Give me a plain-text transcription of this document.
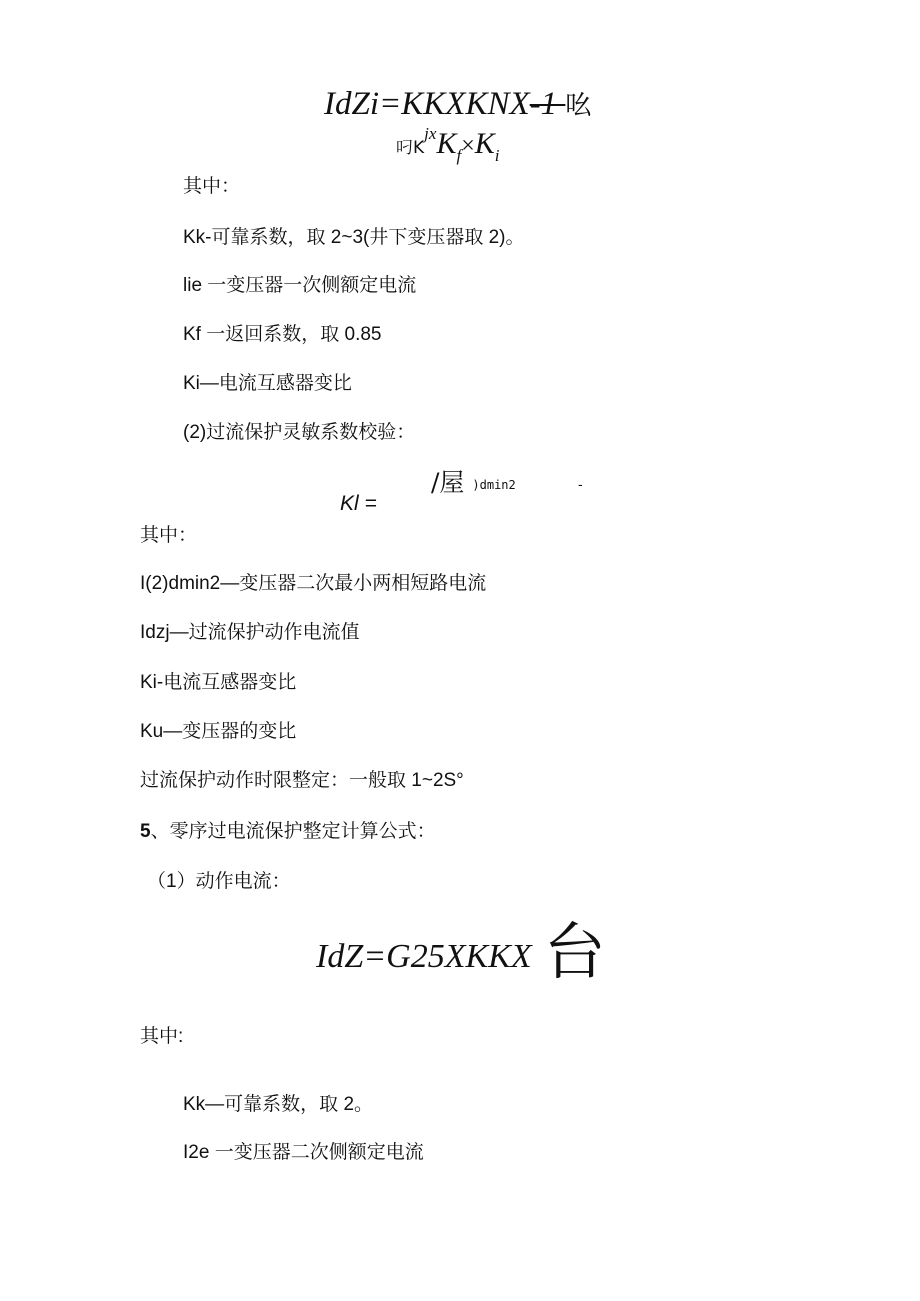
IdZi=KKXKNX-1 吆
叼$K^{jx}K_f\times K_i$
其中：
Kk-可靠系数，取 2~3(井下变压器取 2)。
lie 一变压器一次侧额定电流
Kf 一返回系数，取 0.85
Ki—电流互感器变比
(2)过流保护灵敏系数校验：
/屋 )dmin2	-
Kl =
其中：
I(2)dmin2—变压器二次最小两相短路电流
Idzj—过流保护动作电流值
Ki-电流互感器变比
Ku—变压器的变比
过流保护动作时限整定：一般取 1~2S°
5、零序过电流保护整定计算公式：
（1）动作电流：
IdZ=G25XKKX 台
其中:
Kk—可靠系数，取 2。
I2e 一变压器二次侧额定电流
